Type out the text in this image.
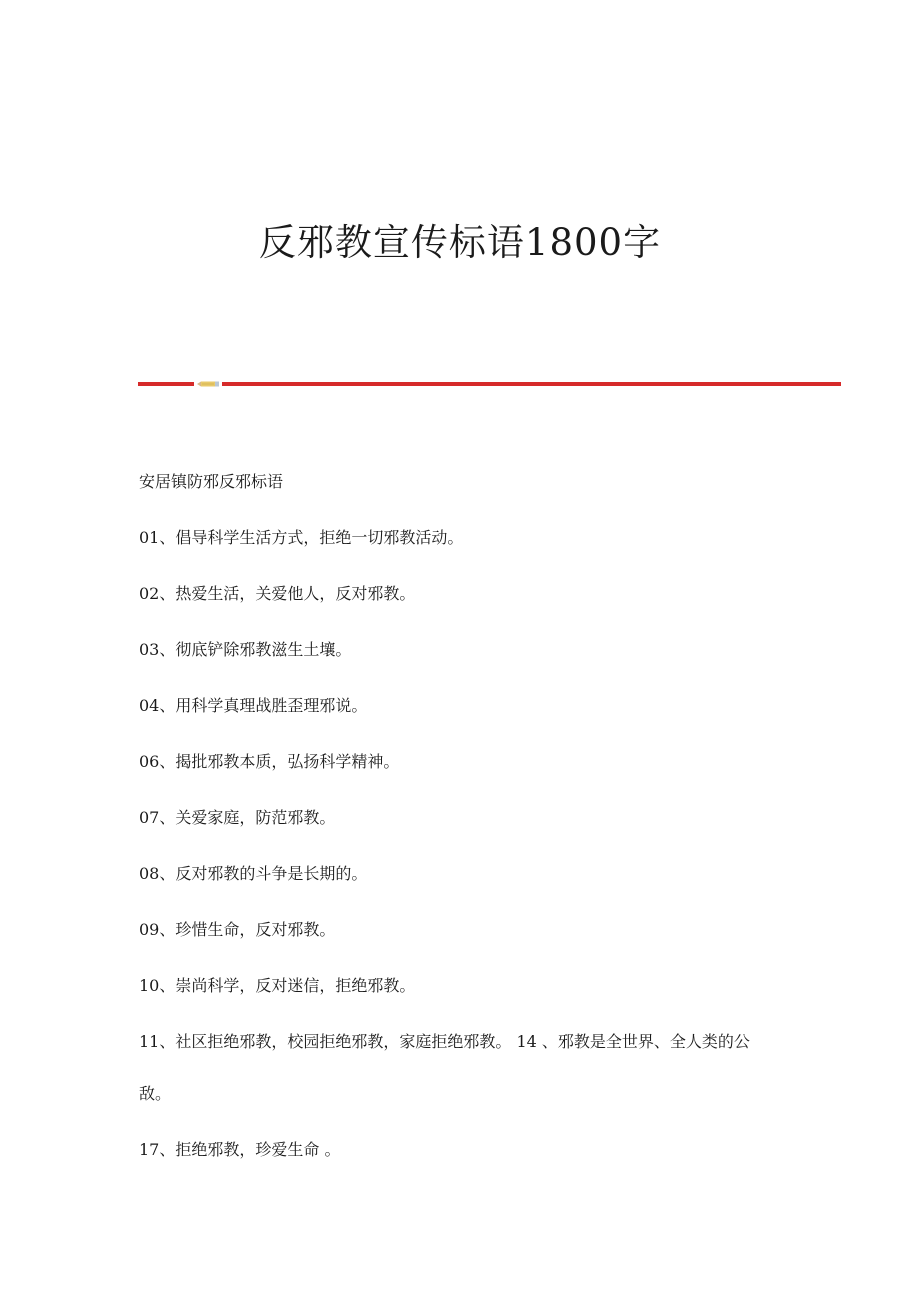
反邪教宣传标语1800字

安居镇防邪反邪标语

01、倡导科学生活方式，拒绝一切邪教活动。

02、热爱生活，关爱他人，反对邪教。

03、彻底铲除邪教滋生土壤。

04、用科学真理战胜歪理邪说。

06、揭批邪教本质，弘扬科学精神。

07、关爱家庭，防范邪教。

08、反对邪教的斗争是长期的。

09、珍惜生命，反对邪教。

10、崇尚科学，反对迷信，拒绝邪教。

11、社区拒绝邪教，校园拒绝邪教，家庭拒绝邪教。 14 、邪教是全世界、全人类的公敌。

17、拒绝邪教，珍爱生命 。
